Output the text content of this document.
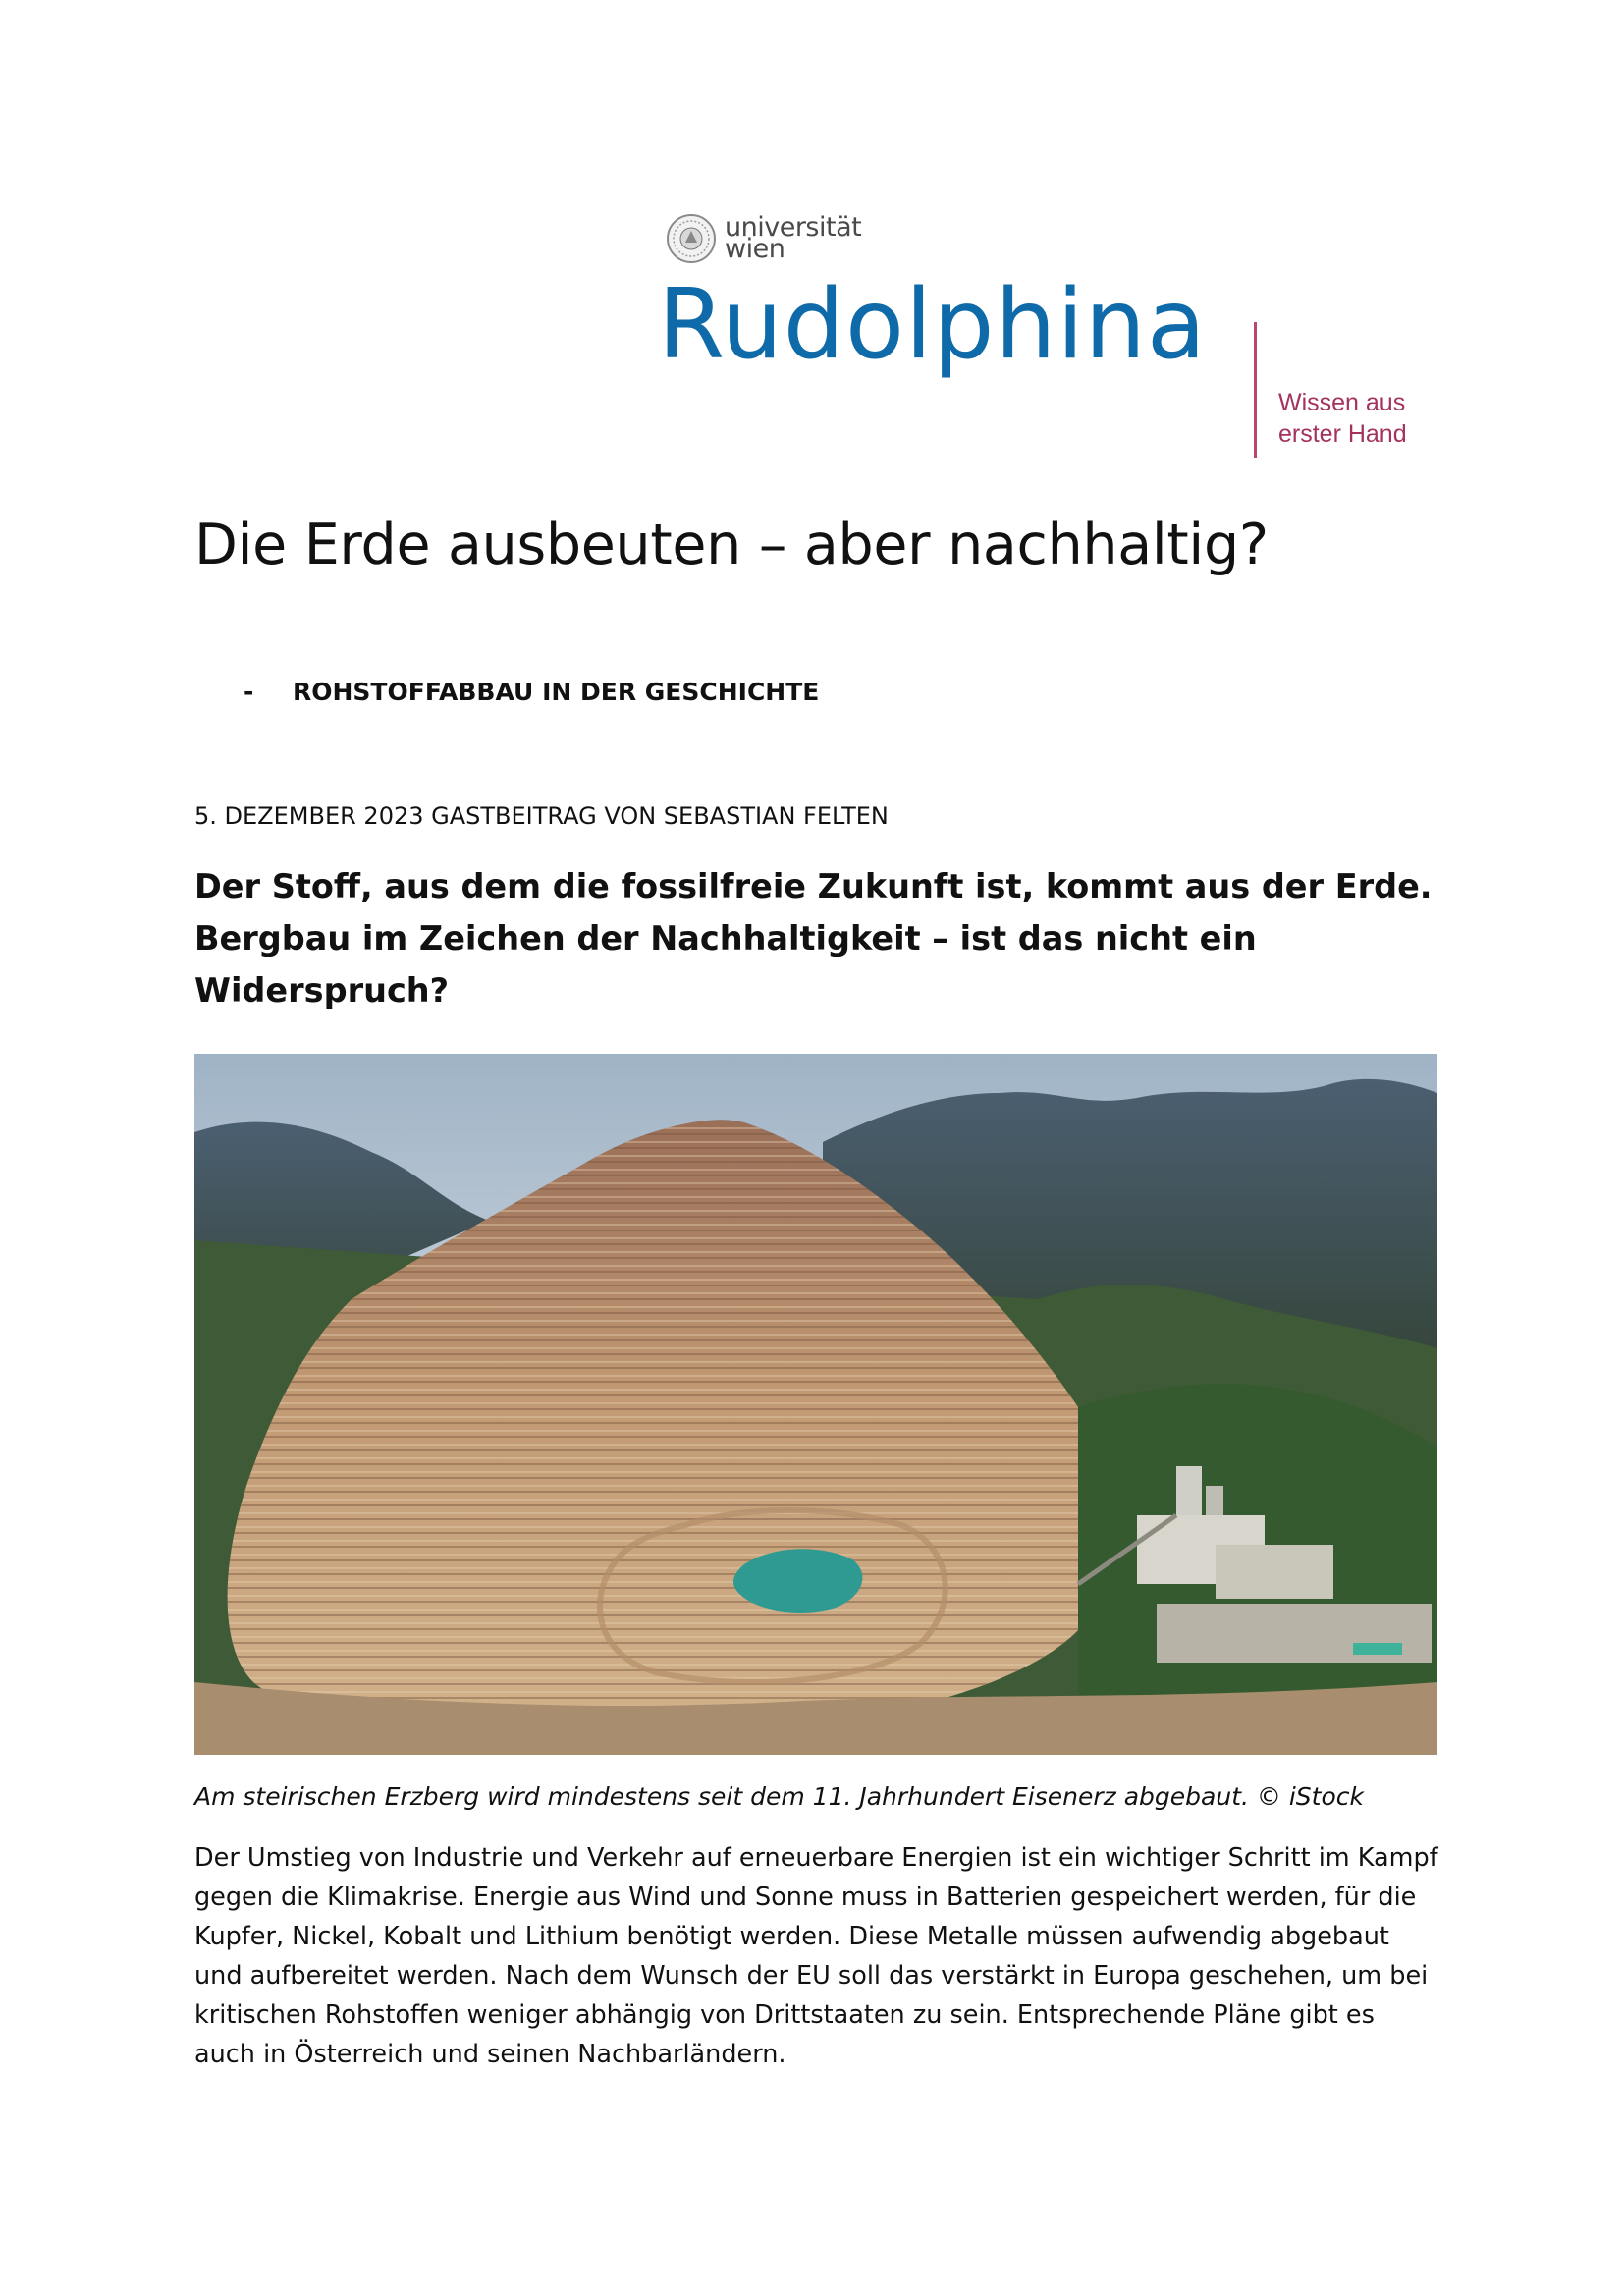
universität
wien
Rudolphina
Wissen aus
erster Hand
Die Erde ausbeuten – aber nachhaltig?
- ROHSTOFFABBAU IN DER GESCHICHTE
5. DEZEMBER 2023 GASTBEITRAG VON SEBASTIAN FELTEN

Der Stoff, aus dem die fossilfreie Zukunft ist, kommt aus der Erde. Bergbau im Zeichen der Nachhaltigkeit – ist das nicht ein Widerspruch?

Am steirischen Erzberg wird mindestens seit dem 11. Jahrhundert Eisenerz abgebaut. © iStock

Der Umstieg von Industrie und Verkehr auf erneuerbare Energien ist ein wichtiger Schritt im Kampf gegen die Klimakrise. Energie aus Wind und Sonne muss in Batterien gespeichert werden, für die Kupfer, Nickel, Kobalt und Lithium benötigt werden. Diese Metalle müssen aufwendig abgebaut und aufbereitet werden. Nach dem Wunsch der EU soll das verstärkt in Europa geschehen, um bei kritischen Rohstoffen weniger abhängig von Drittstaaten zu sein. Entsprechende Pläne gibt es auch in Österreich und seinen Nachbarländern.
